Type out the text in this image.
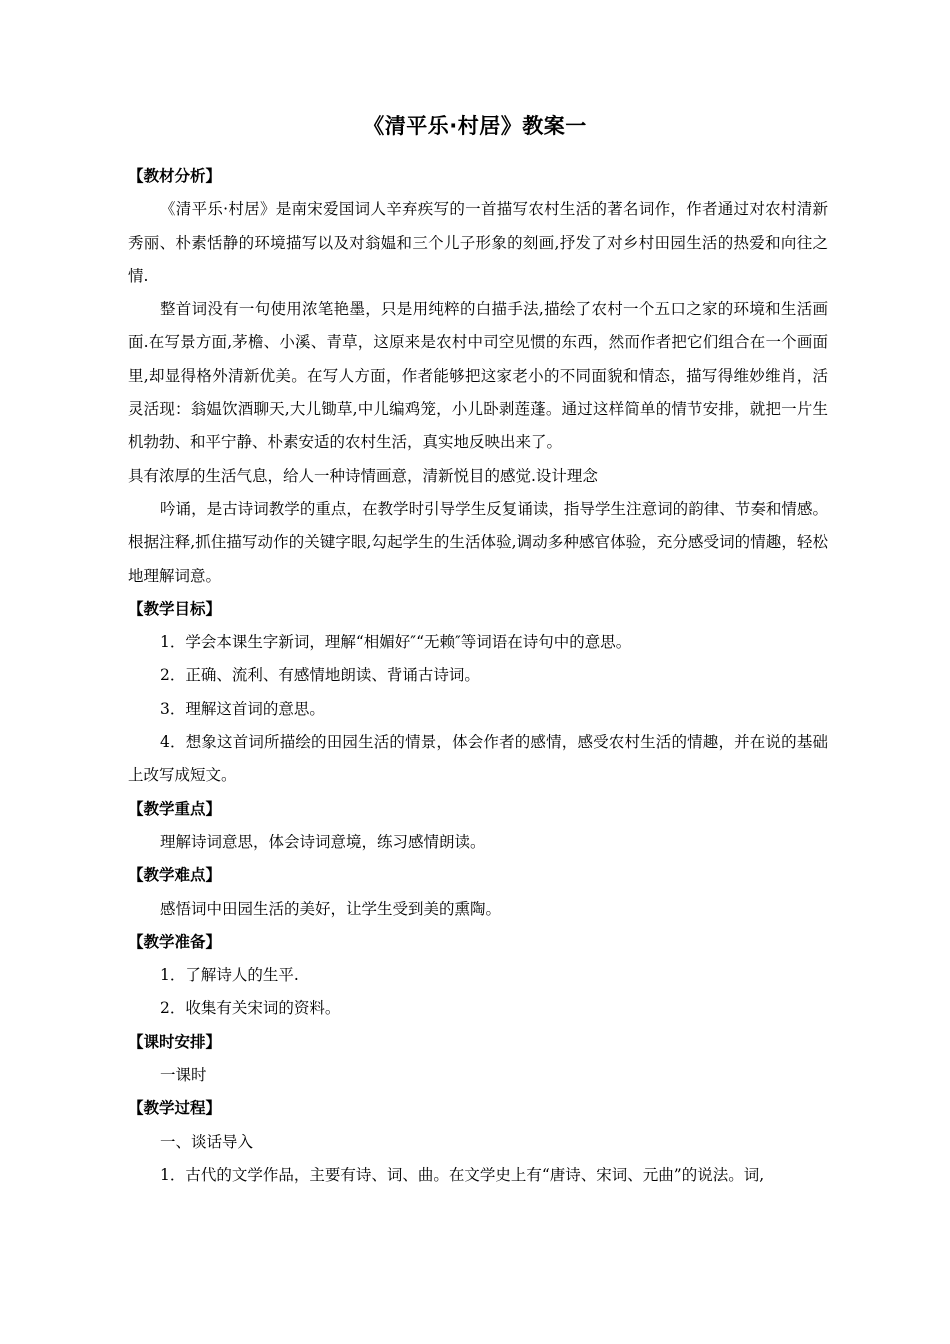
《清平乐·村居》教案一
【教材分析】

《清平乐·村居》是南宋爱国词人辛弃疾写的一首描写农村生活的著名词作，作者通过对农村清新秀丽、朴素恬静的环境描写以及对翁媪和三个儿子形象的刻画,抒发了对乡村田园生活的热爱和向往之情.

整首词没有一句使用浓笔艳墨，只是用纯粹的白描手法,描绘了农村一个五口之家的环境和生活画面.在写景方面,茅檐、小溪、青草，这原来是农村中司空见惯的东西，然而作者把它们组合在一个画面里,却显得格外清新优美。在写人方面，作者能够把这家老小的不同面貌和情态，描写得维妙维肖，活灵活现：翁媪饮酒聊天,大儿锄草,中儿编鸡笼，小儿卧剥莲蓬。通过这样简单的情节安排，就把一片生机勃勃、和平宁静、朴素安适的农村生活，真实地反映出来了。

具有浓厚的生活气息，给人一种诗情画意，清新悦目的感觉.设计理念

吟诵，是古诗词教学的重点，在教学时引导学生反复诵读，指导学生注意词的韵律、节奏和情感。根据注释,抓住描写动作的关键字眼,勾起学生的生活体验,调动多种感官体验，充分感受词的情趣，轻松地理解词意。

【教学目标】

1．学会本课生字新词，理解“相媚好″“无赖″等词语在诗句中的意思。

2．正确、流利、有感情地朗读、背诵古诗词。

3．理解这首词的意思。

4．想象这首词所描绘的田园生活的情景，体会作者的感情，感受农村生活的情趣，并在说的基础上改写成短文。

【教学重点】

理解诗词意思，体会诗词意境，练习感情朗读。

【教学难点】

感悟词中田园生活的美好，让学生受到美的熏陶。

【教学准备】

1．了解诗人的生平.

2．收集有关宋词的资料。

【课时安排】

一课时

【教学过程】

一、谈话导入

1．古代的文学作品，主要有诗、词、曲。在文学史上有“唐诗、宋词、元曲”的说法。词,
